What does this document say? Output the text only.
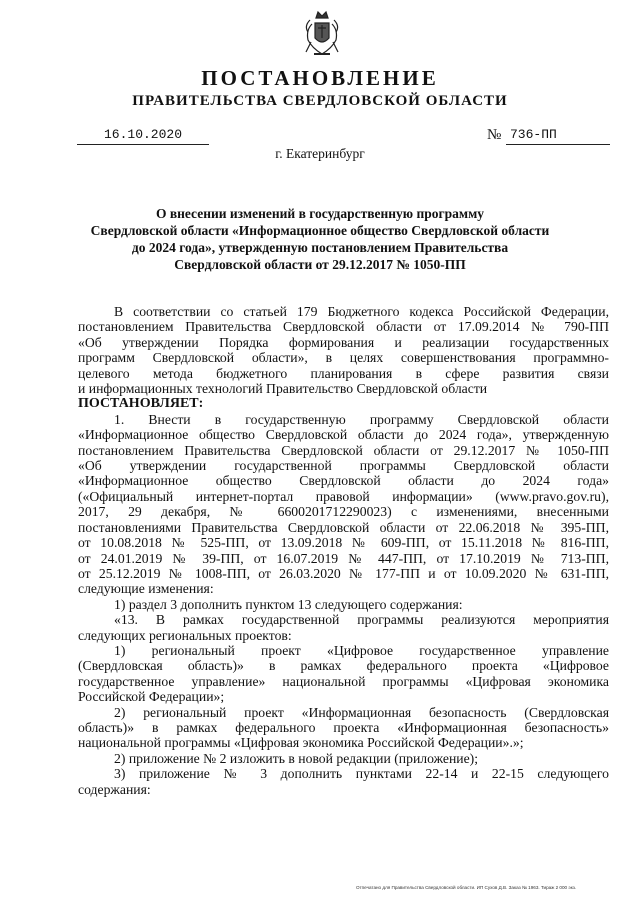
ПОСТАНОВЛЕНИЕ
ПРАВИТЕЛЬСТВА СВЕРДЛОВСКОЙ ОБЛАСТИ
16.10.2020	№ 736-ПП
г. Екатеринбург
О внесении изменений в государственную программу
Свердловской области «Информационное общество Свердловской области
до 2024 года», утвержденную постановлением Правительства
Свердловской области от 29.12.2017 № 1050-ПП

В соответствии со статьей 179 Бюджетного кодекса Российской Федерации,

постановлением Правительства Свердловской области от 17.09.2014 № 790-ПП

«Об утверждении Порядка формирования и реализации государственных

программ Свердловской области», в целях совершенствования программно-

целевого метода бюджетного планирования в сфере развития связи

и информационных технологий Правительство Свердловской области

ПОСТАНОВЛЯЕТ:

1. Внести в государственную программу Свердловской области

«Информационное общество Свердловской области до 2024 года», утвержденную

постановлением Правительства Свердловской области от 29.12.2017 № 1050-ПП

«Об утверждении государственной программы Свердловской области

«Информационное общество Свердловской области до 2024 года»

(«Официальный интернет-портал правовой информации» (www.pravo.gov.ru),

2017, 29 декабря, № 6600201712290023) с изменениями, внесенными

постановлениями Правительства Свердловской области от 22.06.2018 № 395-ПП,

от 10.08.2018 № 525-ПП, от 13.09.2018 № 609-ПП, от 15.11.2018 № 816-ПП,

от 24.01.2019 № 39-ПП, от 16.07.2019 № 447-ПП, от 17.10.2019 № 713-ПП,

от 25.12.2019 № 1008-ПП, от 26.03.2020 № 177-ПП и от 10.09.2020 № 631-ПП,

следующие изменения:

1) раздел 3 дополнить пунктом 13 следующего содержания:

«13. В рамках государственной программы реализуются мероприятия

следующих региональных проектов:

1) региональный проект «Цифровое государственное управление

(Свердловская область)» в рамках федерального проекта «Цифровое

государственное управление» национальной программы «Цифровая экономика

Российской Федерации»;

2) региональный проект «Информационная безопасность (Свердловская

область)» в рамках федерального проекта «Информационная безопасность»

национальной программы «Цифровая экономика Российской Федерации».»;

2) приложение № 2 изложить в новой редакции (приложение);

3) приложение № 3 дополнить пунктами 22-14 и 22-15 следующего

содержания:

Отпечатано для Правительства Свердловской области. ИП Сухов Д.В. Заказ № 1963. Тираж 2 000 экз.
